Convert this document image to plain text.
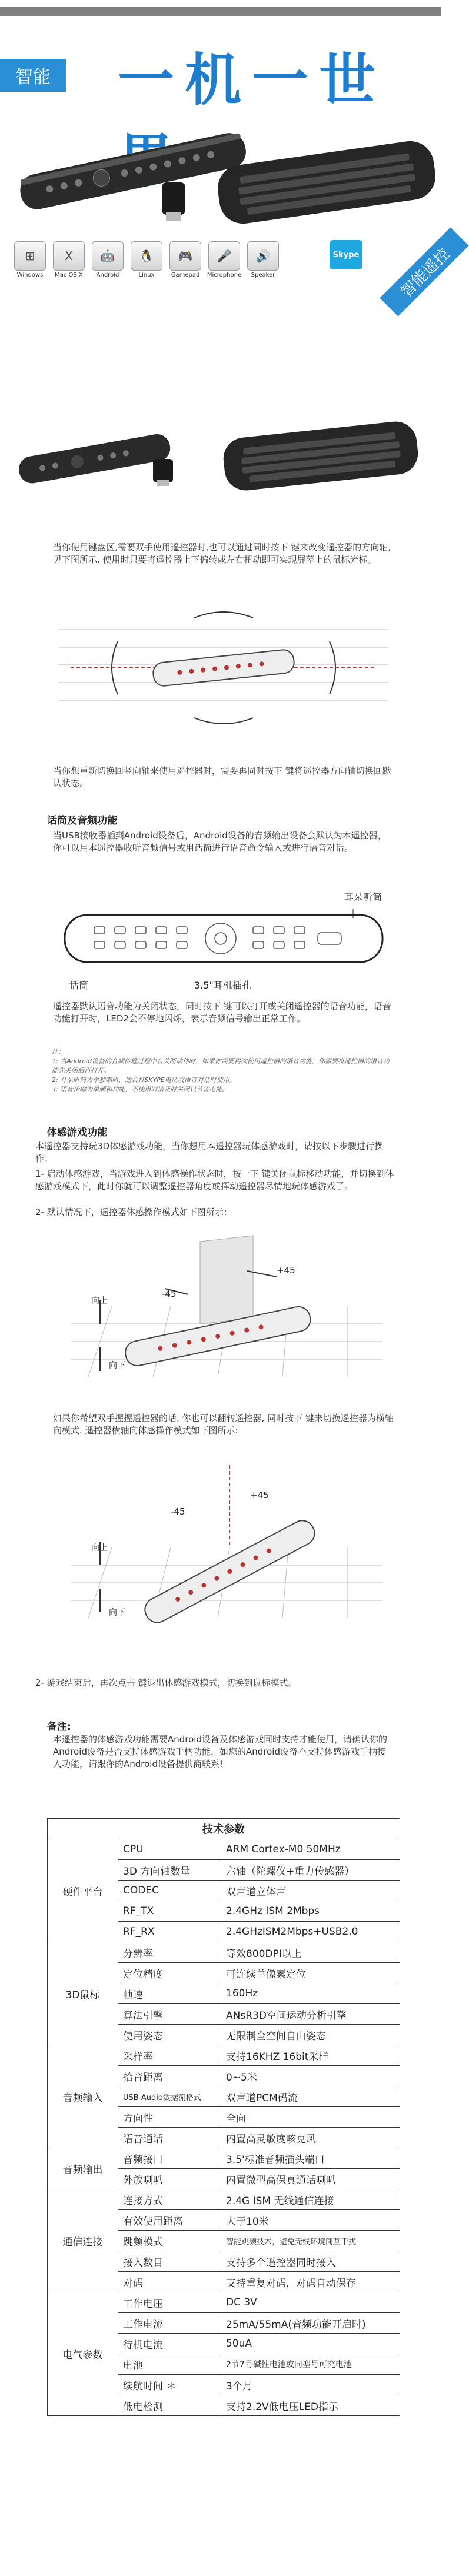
智能 一机一世
⊞
Windows
X
Mac OS X
🤖
Android
🐧
Linux
🎮
Gamepad
🎤
Microphone
🔊
Speaker
Skype	智能遥控

当你使用键盘区,需要双手使用遥控器时,也可以通过同时按下 键来改变遥控器的方向轴, 见下图所示. 使用时只要将遥控器上下偏转或左右扭动即可实现屏幕上的鼠标光标。

当你想重新切换回竖向轴来使用遥控器时，需要再同时按下 键将遥控器方向轴切换回默认状态。

话筒及音频功能

当USB接收器插到Android设备后，Android设备的音频输出设备会默认为本遥控器，你可以用本遥控器收听音频信号或用话筒进行语音命令输入或进行语音对话。

耳朵听筒
话筒	3.5"耳机插孔

遥控器默认语音功能为关闭状态，同时按下 键可以打开或关闭遥控器的语音功能，语音功能打开时，LED2会不停地闪烁，表示音频信号输出正常工作。

注：
1: 当Android设备的音频传输过程中有关断动作时，如果你需要再次使用遥控器的语音功能，你需要将遥控器的语音功能先关闭后再打开。
2: 耳朵听筒为单独喇叭，适合打SKYPE电话或语音对话时使用。
3: 语音传输为单频和功能，不使用时请及时关闭以节省电能。
体感游戏功能

本遥控器支持玩3D体感游戏功能，当你想用本遥控器玩体感游戏时，请按以下步骤进行操作：

1- 启动体感游戏，当游戏进入到体感操作状态时，按一下 键关闭鼠标移动功能，并切换到体感游戏模式下，此时你就可以调整遥控器角度或挥动遥控器尽情地玩体感游戏了。

2- 默认情况下，遥控器体感操作模式如下图所示：

+45
-45
向上
向下

如果你希望双手握握遥控器的话, 你也可以翻转遥控器, 同时按下 键来切换遥控器为横轴向模式. 遥控器横轴向体感操作模式如下图所示:

+45
-45
向上
向下

2- 游戏结束后，再次点击 键退出体感游戏模式，切换到鼠标模式。

备注:

本遥控器的体感游戏功能需要Android设备及体感游戏同时支持才能使用，请确认你的Android设备是否支持体感游戏手柄功能，如您的Android设备不支持体感游戏手柄接入功能，请跟你的Android设备提供商联系!

技术参数		
硬件平台	CPU	ARM Cortex-M0 50MHz
	3D 方向轴数量	六轴（陀螺仪+重力传感器）
	CODEC	双声道立体声
	RF_TX	2.4GHz ISM 2Mbps
	RF_RX	2.4GHzISM2Mbps+USB2.0
3D鼠标	分辨率	等效800DPI以上
	定位精度	可连续单像素定位
	帧速	160Hz
	算法引擎	ANsR3D空间运动分析引擎
	使用姿态	无限制全空间自由姿态
音频输入	采样率	支持16KHZ 16bit采样
	拾音距离	0~5米
	USB Audio数据流格式	双声道PCM码流
	方向性	全向
	语音通话	内置高灵敏度咳克风
音频输出	音频接口	3.5'标准音频插头端口
	外放喇叭	内置微型高保真通话喇叭
通信连接	连接方式	2.4G ISM 无线通信连接
	有效使用距离	大于10米
	跳频模式	智能跳频技术，避免无线环境间互干扰
	接入数目	支持多个遥控器同时接入
	对码	支持重复对码，对码自动保存
电气参数	工作电压	DC 3V
	工作电流	25mA/55mA(音频功能开启时)
	待机电流	50uA
	电池	2节7号碱性电池或同型号可充电池
	续航时间 ＊	3个月
	低电检测	支持2.2V低电压LED指示
